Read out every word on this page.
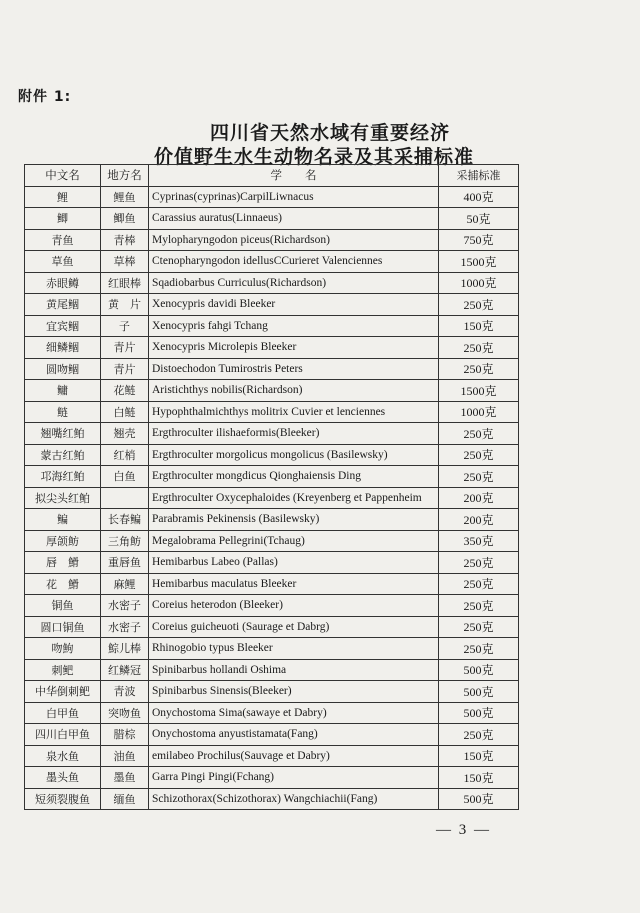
附件 1:
四川省天然水域有重要经济
价值野生水生动物名录及其采捕标准
中文名	地方名	学　　名	采捕标准
鲤	鲤鱼	Cyprinas(cyprinas)CarpilLiwnacus	400克
鲫	鲫鱼	Carassius auratus(Linnaeus)	50克
青鱼	青棒	Mylopharyngodon piceus(Richardson)	750克
草鱼	草棒	Ctenopharyngodon idellusCCurieret Valenciennes	1500克
赤眼鳟	红眼棒	Sqadiobarbus Curriculus(Richardson)	1000克
黄尾鲴	黄　片	Xenocypris davidi Bleeker	250克
宜宾鲴	子	Xenocypris fahgi Tchang	150克
细鳞鲴	青片	Xenocypris Microlepis Bleeker	250克
圆吻鲴	青片	Distoechodon Tumirostris Peters	250克
鳙	花鲢	Aristichthys nobilis(Richardson)	1500克
鲢	白鲢	Hypophthalmichthys molitrix Cuvier et lenciennes	1000克
翘嘴红鲌	翘壳	Ergthroculter ilishaeformis(Bleeker)	250克
蒙古红鲌	红梢	Ergthroculter morgolicus mongolicus (Basilewsky)	250克
邛海红鲌	白鱼	Ergthroculter mongdicus Qionghaiensis Ding	250克
拟尖头红鲌		Ergthroculter Oxycephaloides (Kreyenberg et Pappenheim	200克
鳊	长春鳊	Parabramis Pekinensis (Basilewsky)	200克
厚颌鲂	三角鲂	Megalobrama Pellegrini(Tchaug)	350克
唇　䱻	重唇鱼	Hemibarbus Labeo (Pallas)	250克
花　䱻	麻鲤	Hemibarbus maculatus Bleeker	250克
铜鱼	水密子	Coreius heterodon (Bleeker)	250克
圆口铜鱼	水密子	Coreius guicheuoti (Saurage et Dabrg)	250克
吻鮈	鯮儿棒	Rhinogobio typus Bleeker	250克
刺鲃	红鳞冠	Spinibarbus hollandi Oshima	500克
中华倒刺鲃	青波	Spinibarbus Sinensis(Bleeker)	500克
白甲鱼	突吻鱼	Onychostoma Sima(sawaye et Dabry)	500克
四川白甲鱼	腊棕	Onychostoma anyustistamata(Fang)	250克
泉水鱼	油鱼	emilabeo Prochilus(Sauvage et Dabry)	150克
墨头鱼	墨鱼	Garra Pingi Pingi(Fchang)	150克
短须裂腹鱼	缅鱼	Schizothorax(Schizothorax) Wangchiachii(Fang)	500克
— 3 —
